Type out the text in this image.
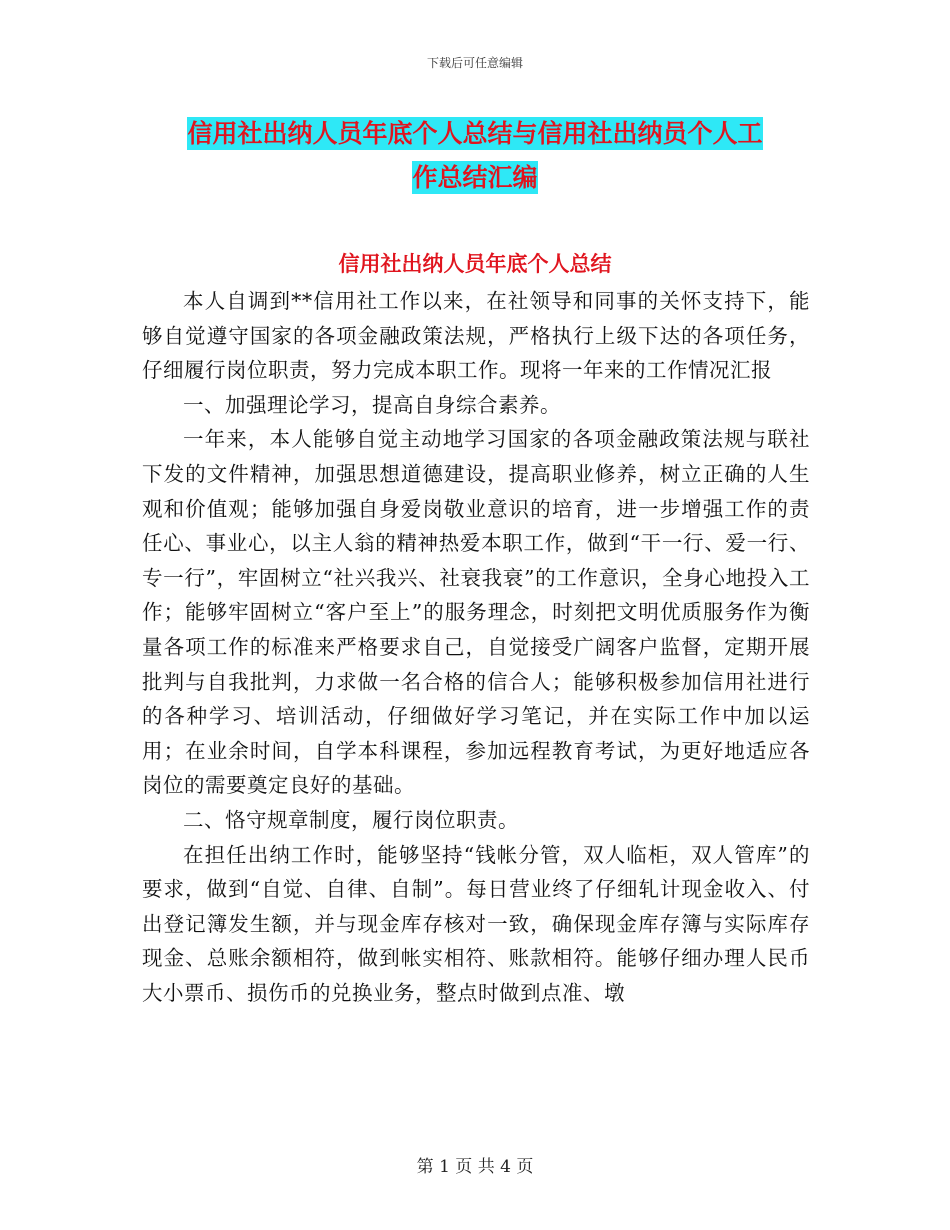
下载后可任意编辑
信用社出纳人员年底个人总结与信用社出纳员个人工
作总结汇编
信用社出纳人员年底个人总结

本人自调到**信用社工作以来，在社领导和同事的关怀支持下，能够自觉遵守国家的各项金融政策法规，严格执行上级下达的各项任务，仔细履行岗位职责，努力完成本职工作。现将一年来的工作情况汇报

一、加强理论学习，提高自身综合素养。

一年来，本人能够自觉主动地学习国家的各项金融政策法规与联社下发的文件精神，加强思想道德建设，提高职业修养，树立正确的人生观和价值观；能够加强自身爱岗敬业意识的培育，进一步增强工作的责任心、事业心，以主人翁的精神热爱本职工作，做到“干一行、爱一行、专一行”，牢固树立“社兴我兴、社衰我衰”的工作意识，全身心地投入工作；能够牢固树立“客户至上”的服务理念，时刻把文明优质服务作为衡量各项工作的标准来严格要求自己，自觉接受广阔客户监督，定期开展批判与自我批判，力求做一名合格的信合人；能够积极参加信用社进行的各种学习、培训活动，仔细做好学习笔记，并在实际工作中加以运用；在业余时间，自学本科课程，参加远程教育考试，为更好地适应各岗位的需要奠定良好的基础。

二、恪守规章制度，履行岗位职责。

在担任出纳工作时，能够坚持“钱帐分管，双人临柜，双人管库”的要求，做到“自觉、自律、自制”。每日营业终了仔细轧计现金收入、付出登记簿发生额，并与现金库存核对一致，确保现金库存簿与实际库存现金、总账余额相符，做到帐实相符、账款相符。能够仔细办理人民币大小票币、损伤币的兑换业务，整点时做到点准、墩

第 1 页 共 4 页
